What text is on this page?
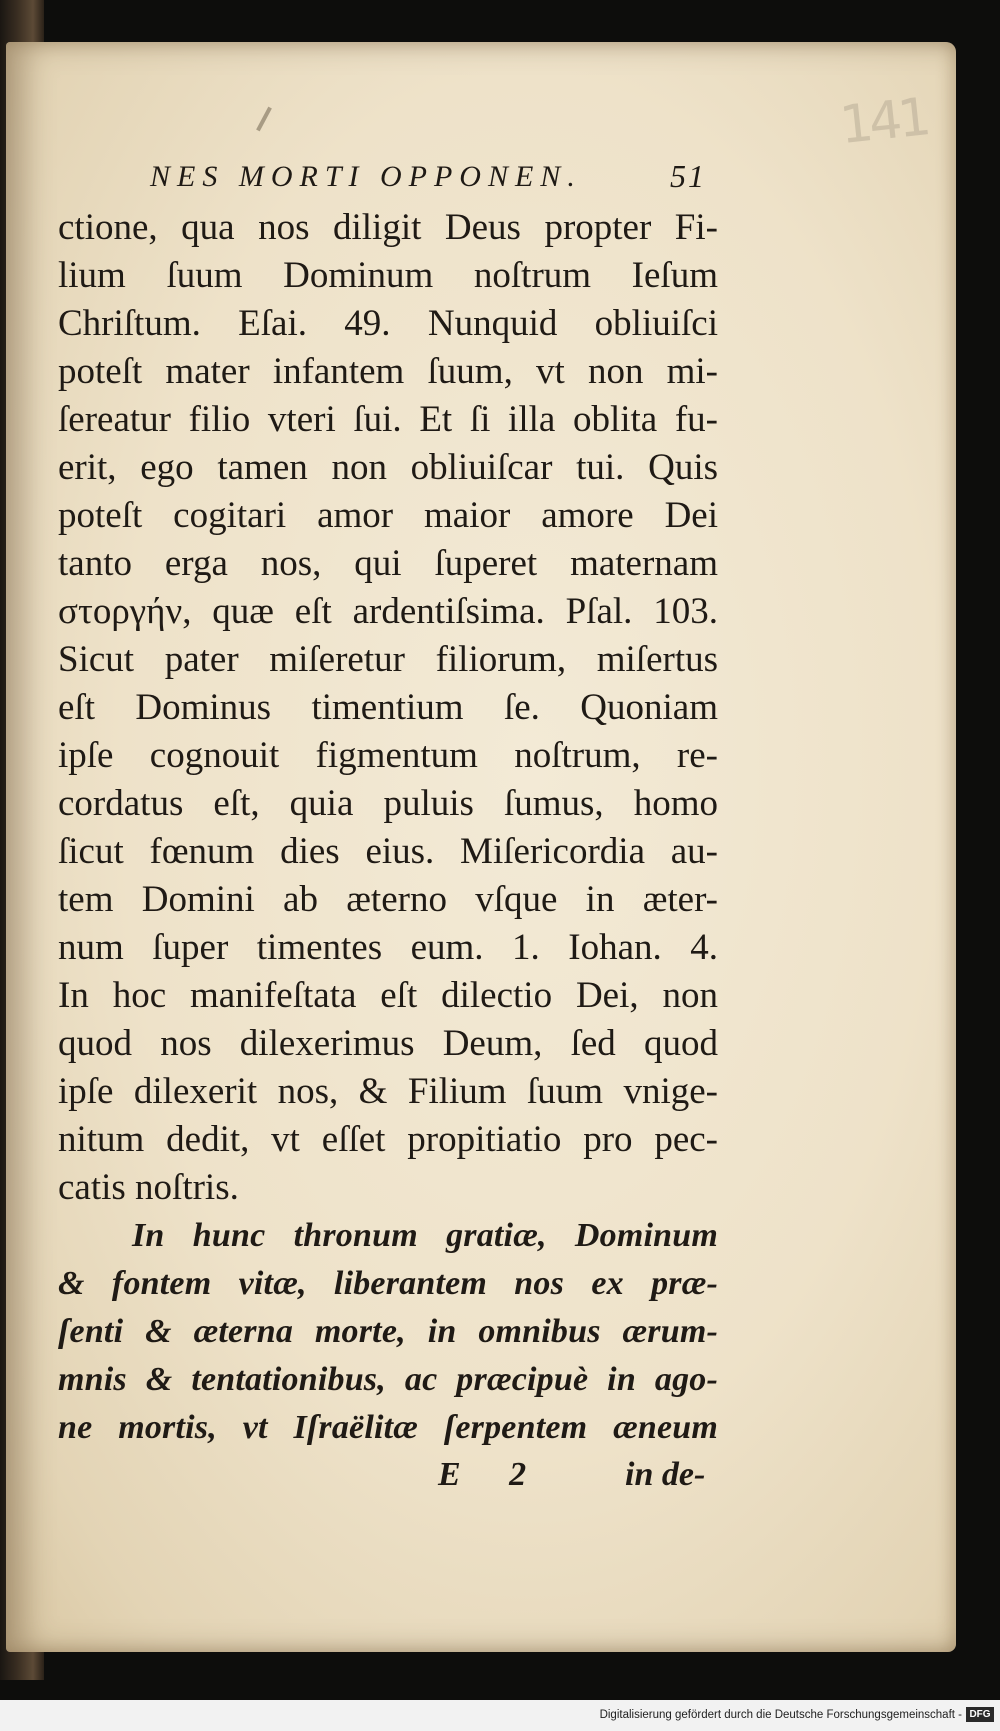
141
NES MORTI OPPONEN.	51
ctione, qua nos diligit Deus propter Fi-
lium ſuum Dominum noſtrum Ieſum
Chriſtum. Eſai. 49. Nunquid obliuiſci
poteſt mater infantem ſuum, vt non mi-
ſereatur filio vteri ſui. Et ſi illa oblita fu-
erit, ego tamen non obliuiſcar tui. Quis
poteſt cogitari amor maior amore Dei
tanto erga nos, qui ſuperet maternam
στοργήν, quæ eſt ardentiſsima. Pſal. 103.
Sicut pater miſeretur filiorum, miſertus
eſt Dominus timentium ſe. Quoniam
ipſe cognouit figmentum noſtrum, re-
cordatus eſt, quia puluis ſumus, homo
ſicut fœnum dies eius. Miſericordia au-
tem Domini ab æterno vſque in æter-
num ſuper timentes eum. 1. Iohan. 4.
In hoc manifeſtata eſt dilectio Dei, non
quod nos dilexerimus Deum, ſed quod
ipſe dilexerit nos, & Filium ſuum vnige-
nitum dedit, vt eſſet propitiatio pro pec-
catis noſtris.
In hunc thronum gratiæ, Dominum
& fontem vitæ, liberantem nos ex præ-
ſenti & æterna morte, in omnibus ærum-
mnis & tentationibus, ac præcipuè in ago-
ne mortis, vt Iſraëlitæ ſerpentem æneum
E 2 in de-
Digitalisierung gefördert durch die Deutsche Forschungsgemeinschaft - DFG
